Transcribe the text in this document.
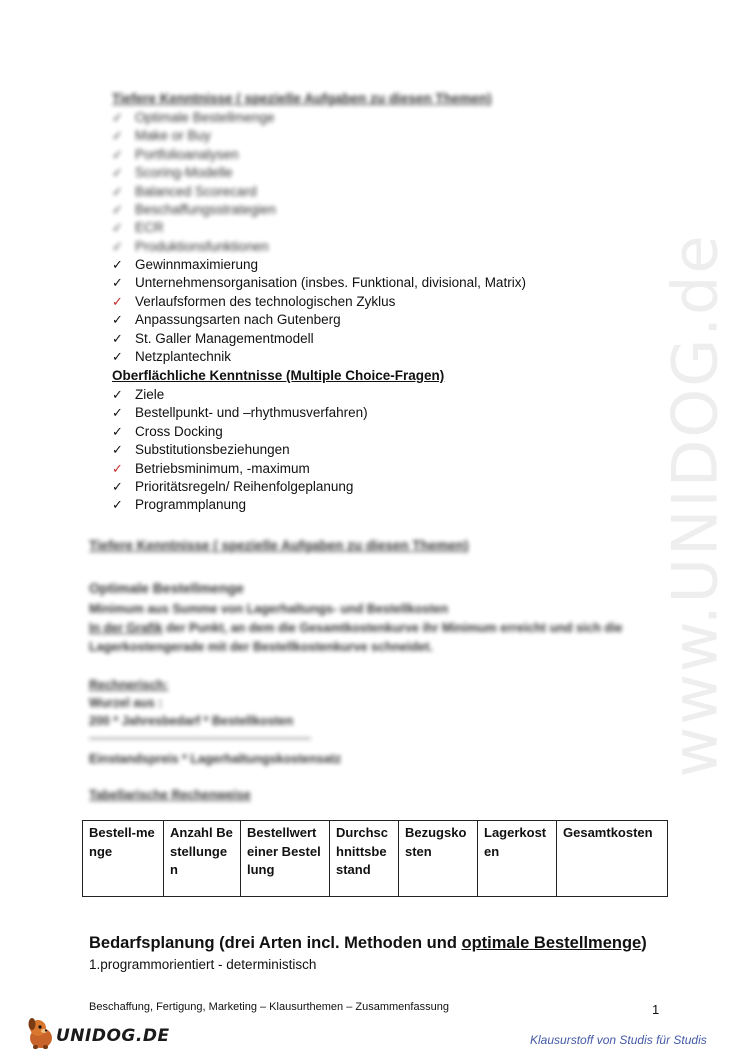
www.UNIDOG.de
Tiefere Kenntnisse ( spezielle Aufgaben zu diesen Themen)
✓ Optimale Bestellmenge
✓ Make or Buy
✓ Portfolioanalysen
✓ Scoring-Modelle
✓ Balanced Scorecard
✓ Beschaffungsstrategien
✓ ECR
✓ Produktionsfunktionen
✓ Gewinnmaximierung
✓ Unternehmensorganisation (insbes. Funktional, divisional, Matrix)
✓ Verlaufsformen des technologischen Zyklus
✓ Anpassungsarten nach Gutenberg
✓ St. Galler Managementmodell
✓ Netzplantechnik
Oberflächliche Kenntnisse (Multiple Choice-Fragen)
✓ Ziele
✓ Bestellpunkt- und –rhythmusverfahren)
✓ Cross Docking
✓ Substitutionsbeziehungen
✓ Betriebsminimum, -maximum
✓ Prioritätsregeln/ Reihenfolgeplanung
✓ Programmplanung
Tiefere Kenntnisse ( spezielle Aufgaben zu diesen Themen)
Optimale Bestellmenge
Minimum aus Summe von Lagerhaltungs- und Bestellkosten
In der Grafik der Punkt, an dem die Gesamtkostenkurve ihr Minimum erreicht und sich die
Lagerkostengerade mit der Bestellkostenkurve schneidet.
Rechnerisch:
Wurzel aus :
200 * Jahresbedarf * Bestellkosten
Einstandspreis * Lagerhaltungskostensatz
Tabellarische Rechenweise
Bestell-menge	Anzahl Bestellungen	Bestellwert einer Bestellung	Durchschnittsbestand	Bezugskosten	Lagerkosten	Gesamtkosten
Bedarfsplanung (drei Arten incl. Methoden und optimale Bestellmenge)
1.programmorientiert - deterministisch
Beschaffung, Fertigung, Marketing – Klausurthemen – Zusammenfassung	1
UNIDOG.DE	Klausurstoff von Studis für Studis
